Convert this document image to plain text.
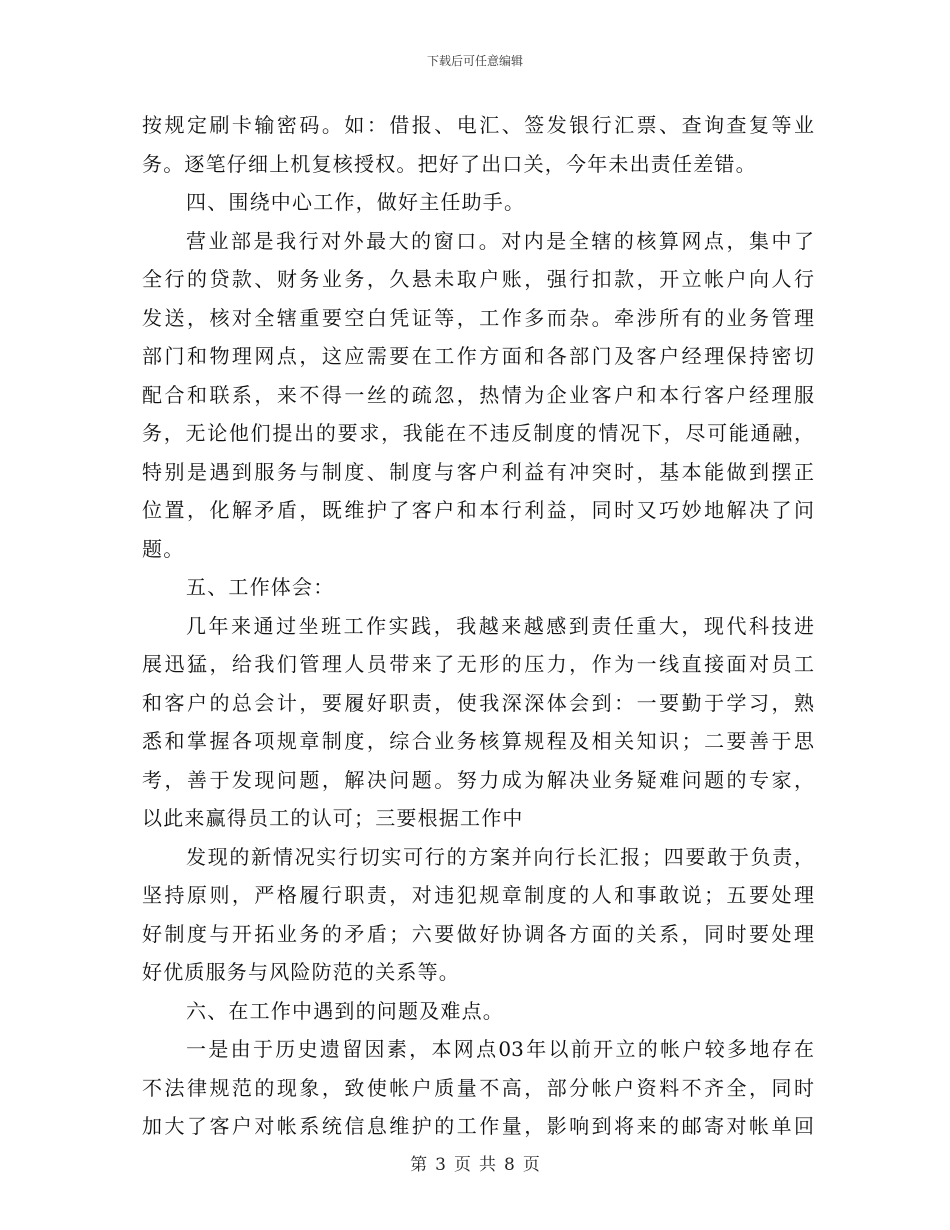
下载后可任意编辑
按规定刷卡输密码。如：借报、电汇、签发银行汇票、查询查复等业
务。逐笔仔细上机复核授权。把好了出口关，今年未出责任差错。
四、围绕中心工作，做好主任助手。
营业部是我行对外最大的窗口。对内是全辖的核算网点，集中了
全行的贷款、财务业务，久悬未取户账，强行扣款，开立帐户向人行
发送，核对全辖重要空白凭证等，工作多而杂。牵涉所有的业务管理
部门和物理网点，这应需要在工作方面和各部门及客户经理保持密切
配合和联系，来不得一丝的疏忽，热情为企业客户和本行客户经理服
务，无论他们提出的要求，我能在不违反制度的情况下，尽可能通融，
特别是遇到服务与制度、制度与客户利益有冲突时，基本能做到摆正
位置，化解矛盾，既维护了客户和本行利益，同时又巧妙地解决了问
题。
五、工作体会：
几年来通过坐班工作实践，我越来越感到责任重大，现代科技进
展迅猛，给我们管理人员带来了无形的压力，作为一线直接面对员工
和客户的总会计，要履好职责，使我深深体会到：一要勤于学习，熟
悉和掌握各项规章制度，综合业务核算规程及相关知识；二要善于思
考，善于发现问题，解决问题。努力成为解决业务疑难问题的专家，
以此来赢得员工的认可；三要根据工作中
发现的新情况实行切实可行的方案并向行长汇报；四要敢于负责，
坚持原则，严格履行职责，对违犯规章制度的人和事敢说；五要处理
好制度与开拓业务的矛盾；六要做好协调各方面的关系，同时要处理
好优质服务与风险防范的关系等。
六、在工作中遇到的问题及难点。
一是由于历史遗留因素，本网点03年以前开立的帐户较多地存在
不法律规范的现象，致使帐户质量不高，部分帐户资料不齐全，同时
加大了客户对帐系统信息维护的工作量，影响到将来的邮寄对帐单回
第 3 页 共 8 页
